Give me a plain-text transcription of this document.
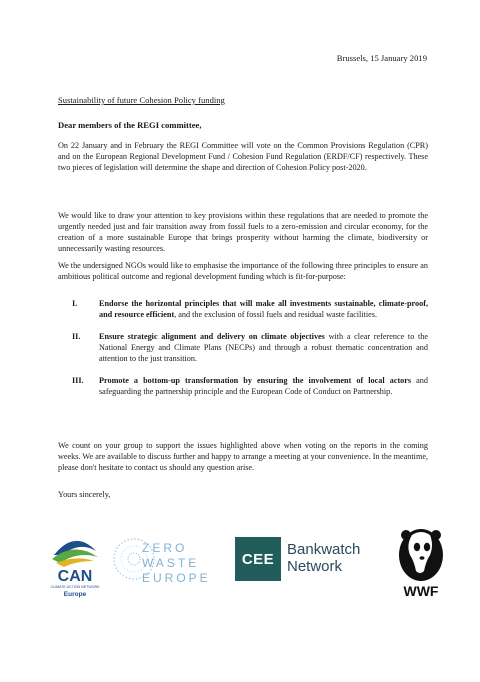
Brussels, 15 January 2019
Sustainability of future Cohesion Policy funding
Dear members of the REGI committee,
On 22 January and in February the REGI Committee will vote on the Common Provisions Regulation (CPR) and on the European Regional Development Fund / Cohesion Fund Regulation (ERDF/CF) respectively. These two pieces of legislation will determine the shape and direction of Cohesion Policy post-2020.
We would like to draw your attention to key provisions within these regulations that are needed to promote the urgently needed just and fair transition away from fossil fuels to a zero-emission and circular economy, for the creation of a more sustainable Europe that brings prosperity without harming the climate, biodiversity or unnecessarily wasting resources.
We the undersigned NGOs would like to emphasise the importance of the following three principles to ensure an ambitious political outcome and regional development funding which is fit-for-purpose:
I.	Endorse the horizontal principles that will make all investments sustainable, climate-proof, and resource efficient, and the exclusion of fossil fuels and residual waste facilities.
II.	Ensure strategic alignment and delivery on climate objectives with a clear reference to the National Energy and Climate Plans (NECPs) and through a robust thematic concentration and attention to the just transition.
III.	Promote a bottom-up transformation by ensuring the involvement of local actors and safeguarding the partnership principle and the European Code of Conduct on Partnership.
We count on your group to support the issues highlighted above when voting on the reports in the coming weeks. We are available to discuss further and happy to arrange a meeting at your convenience. In the meantime, please don't hesitate to contact us should any question arise.
Yours sincerely,
CAN
CLIMATE ACTION NETWORK
Europe
ZERO
WASTE
EUROPE
CEE
Bankwatch
Network
WWF
